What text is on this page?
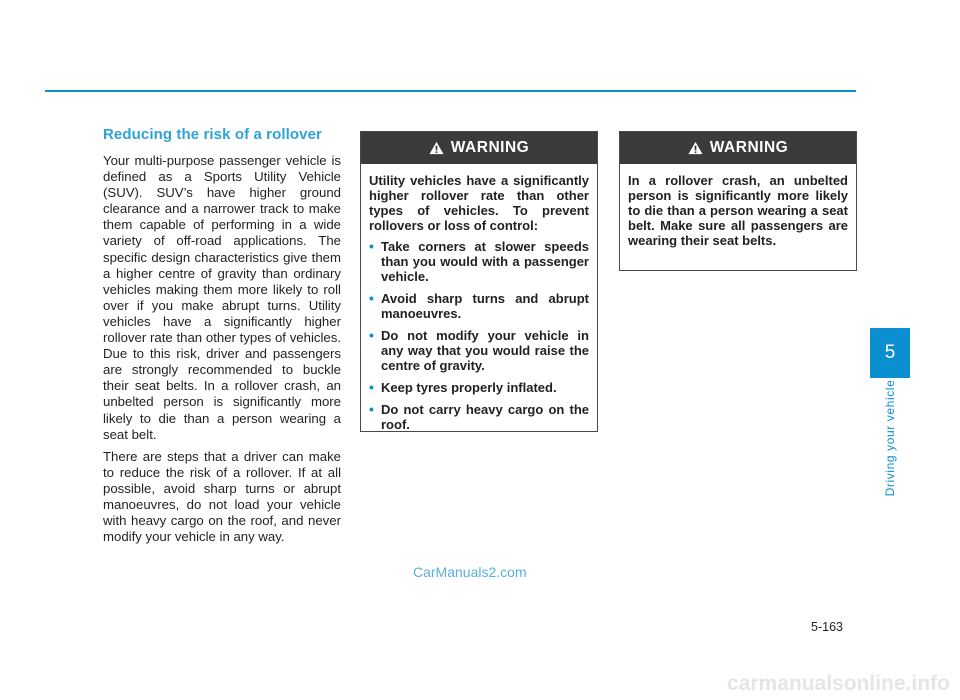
Reducing the risk of a rollover

Your multi-purpose passenger vehicle is defined as a Sports Utility Vehicle (SUV). SUV’s have higher ground clearance and a narrower track to make them capable of performing in a wide variety of off-road applications. The specific design characteristics give them a higher centre of gravity than ordinary vehicles making them more likely to roll over if you make abrupt turns. Utility vehicles have a significantly higher rollover rate than other types of vehicles. Due to this risk, driver and passengers are strongly recommended to buckle their seat belts. In a rollover crash, an unbelted person is significantly more likely to die than a person wearing a seat belt.

There are steps that a driver can make to reduce the risk of a rollover. If at all possible, avoid sharp turns or abrupt manoeuvres, do not load your vehicle with heavy cargo on the roof, and never modify your vehicle in any way.

WARNING

Utility vehicles have a significantly higher rollover rate than other types of vehicles. To prevent rollovers or loss of control:

• Take corners at slower speeds than you would with a passenger vehicle.
• Avoid sharp turns and abrupt manoeuvres.
• Do not modify your vehicle in any way that you would raise the centre of gravity.
• Keep tyres properly inflated.
• Do not carry heavy cargo on the roof.
WARNING

In a rollover crash, an unbelted person is significantly more likely to die than a person wearing a seat belt. Make sure all passengers are wearing their seat belts.

5
Driving your vehicle
5-163
CarManuals2.com
carmanualsonline.info
